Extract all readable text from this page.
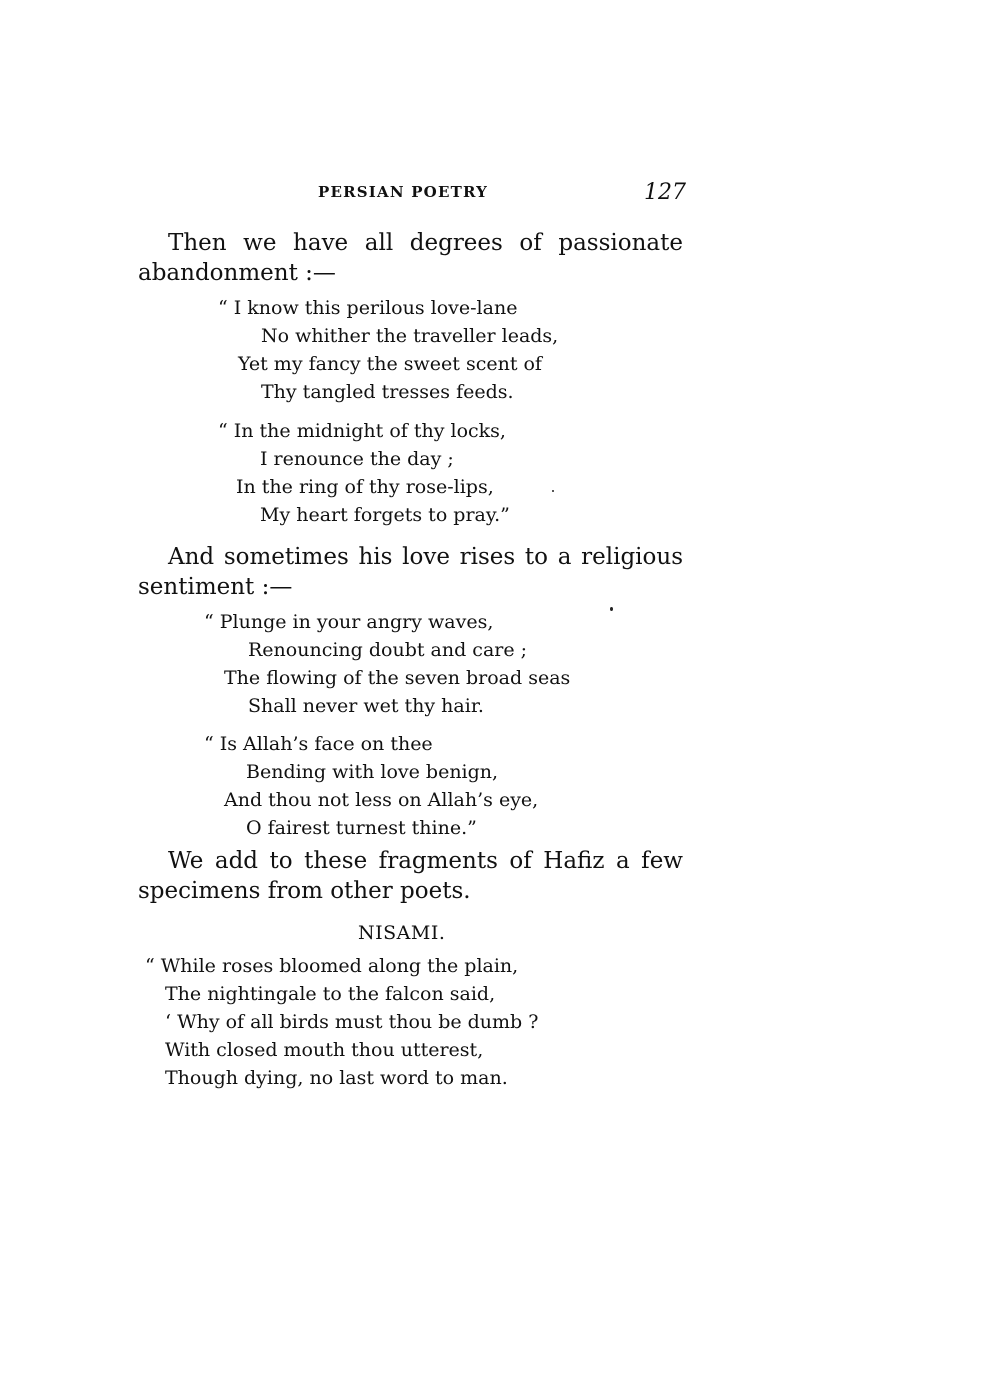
PERSIAN POETRY	127
Then we have all degrees of passionate
abandonment :—
“ I know this perilous love-lane
No whither the traveller leads,
Yet my fancy the sweet scent of
Thy tangled tresses feeds.
“ In the midnight of thy locks,
I renounce the day ;
In the ring of thy rose-lips,
My heart forgets to pray.”
And sometimes his love rises to a religious
sentiment :—
“ Plunge in your angry waves,
Renouncing doubt and care ;
The flowing of the seven broad seas
Shall never wet thy hair.
“ Is Allah’s face on thee
Bending with love benign,
And thou not less on Allah’s eye,
O fairest turnest thine.”
We add to these fragments of Hafiz a few
specimens from other poets.
NISAMI.
“ While roses bloomed along the plain,
The nightingale to the falcon said,
‘ Why of all birds must thou be dumb ?
With closed mouth thou utterest,
Though dying, no last word to man.
